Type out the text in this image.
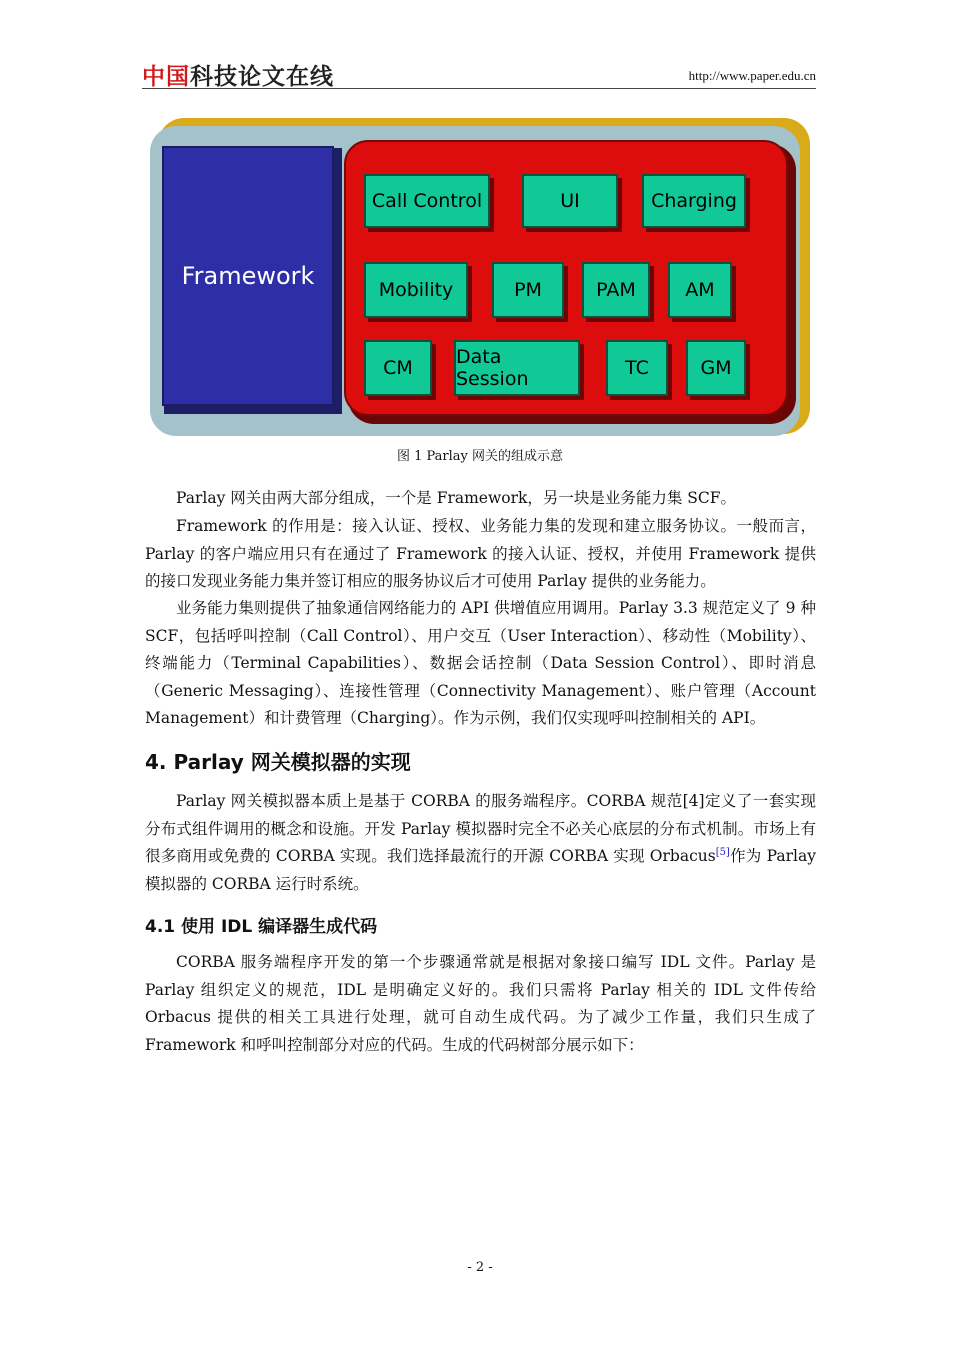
中国科技论文在线	http://www.paper.edu.cn
Framework
Call Control	UI	Charging
Mobility	PM	PAM	AM
CM	Data Session	TC	GM
图 1 Parlay 网关的组成示意

Parlay 网关由两大部分组成，一个是 Framework，另一块是业务能力集 SCF。

Framework 的作用是：接入认证、授权、业务能力集的发现和建立服务协议。一般而言，Parlay 的客户端应用只有在通过了 Framework 的接入认证、授权，并使用 Framework 提供的接口发现业务能力集并签订相应的服务协议后才可使用 Parlay 提供的业务能力。

业务能力集则提供了抽象通信网络能力的 API 供增值应用调用。Parlay 3.3 规范定义了 9 种 SCF，包括呼叫控制（Call Control）、用户交互（User Interaction）、移动性（Mobility）、终端能力（Terminal Capabilities）、数据会话控制（Data Session Control）、即时消息（Generic Messaging）、连接性管理（Connectivity Management）、账户管理（Account Management）和计费管理（Charging）。作为示例，我们仅实现呼叫控制相关的 API。

4. Parlay 网关模拟器的实现

Parlay 网关模拟器本质上是基于 CORBA 的服务端程序。CORBA 规范[4]定义了一套实现分布式组件调用的概念和设施。开发 Parlay 模拟器时完全不必关心底层的分布式机制。市场上有很多商用或免费的 CORBA 实现。我们选择最流行的开源 CORBA 实现 Orbacus[5]作为 Parlay 模拟器的 CORBA 运行时系统。

4.1 使用 IDL 编译器生成代码

CORBA 服务端程序开发的第一个步骤通常就是根据对象接口编写 IDL 文件。Parlay 是 Parlay 组织定义的规范，IDL 是明确定义好的。我们只需将 Parlay 相关的 IDL 文件传给 Orbacus 提供的相关工具进行处理，就可自动生成代码。为了减少工作量，我们只生成了 Framework 和呼叫控制部分对应的代码。生成的代码树部分展示如下：

- 2 -
